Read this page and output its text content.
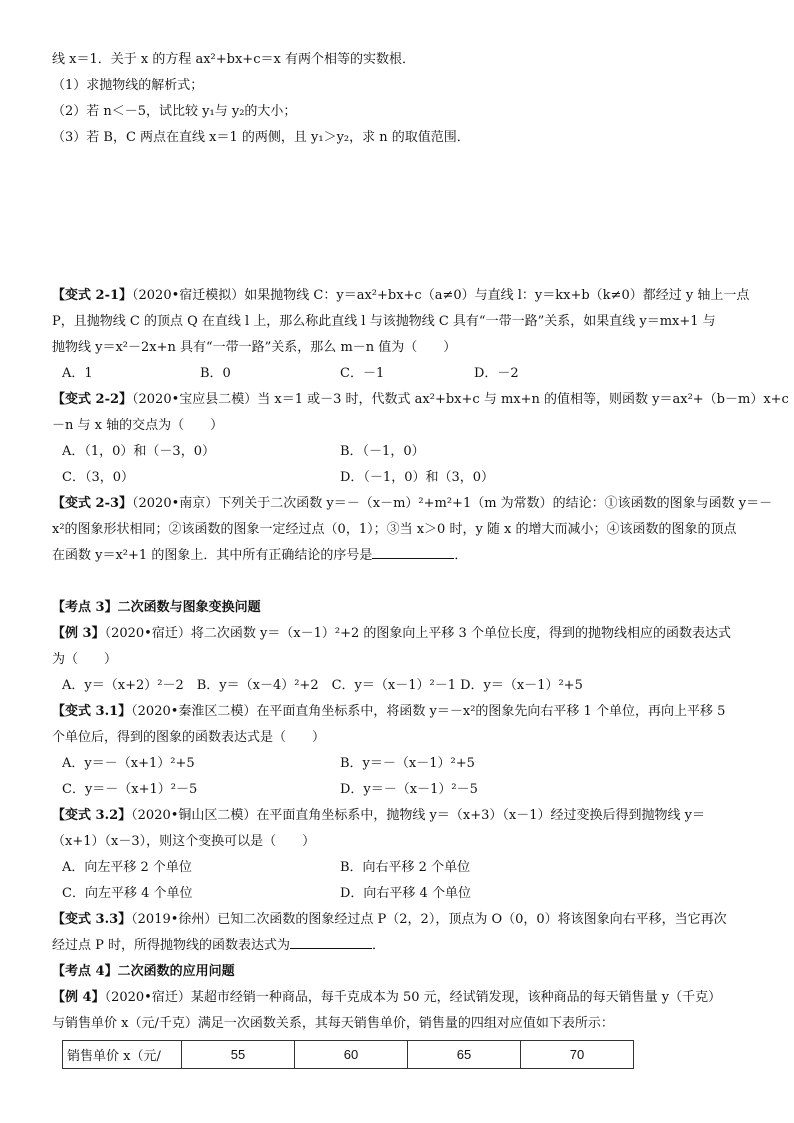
线 x＝1．关于 x 的方程 ax²+bx+c＝x 有两个相等的实数根．
（1）求抛物线的解析式；
（2）若 n＜－5，试比较 y₁与 y₂的大小；
（3）若 B，C 两点在直线 x＝1 的两侧，且 y₁＞y₂，求 n 的取值范围．
【变式 2-1】（2020•宿迁模拟）如果抛物线 C：y＝ax²+bx+c（a≠0）与直线 l：y＝kx+b（k≠0）都经过 y 轴上一点
P，且抛物线 C 的顶点 Q 在直线 l 上，那么称此直线 l 与该抛物线 C 具有“一带一路”关系，如果直线 y＝mx+1 与
抛物线 y＝x²－2x+n 具有“一带一路”关系，那么 m－n 值为（　　）
A．1	B．0	C．－1	D．－2
【变式 2-2】（2020•宝应县二模）当 x＝1 或－3 时，代数式 ax²+bx+c 与 mx+n 的值相等，则函数 y＝ax²+（b－m）x+c
－n 与 x 轴的交点为（　　）
A．（1，0）和（－3，0）	B．（－1，0）
C．（3，0）	D．（－1，0）和（3，0）
【变式 2-3】（2020•南京）下列关于二次函数 y＝－（x－m）²+m²+1（m 为常数）的结论：①该函数的图象与函数 y＝－
x²的图象形状相同；②该函数的图象一定经过点（0，1）；③当 x＞0 时，y 随 x 的增大而减小；④该函数的图象的顶点
在函数 y＝x²+1 的图象上．其中所有正确结论的序号是	．
【考点 3】二次函数与图象变换问题
【例 3】（2020•宿迁）将二次函数 y＝（x－1）²+2 的图象向上平移 3 个单位长度，得到的抛物线相应的函数表达式
为（　　）
A．y＝（x+2）²－2　B．y＝（x－4）²+2　C．y＝（x－1）²－1 D．y＝（x－1）²+5
【变式 3.1】（2020•秦淮区二模）在平面直角坐标系中，将函数 y＝－x²的图象先向右平移 1 个单位，再向上平移 5
个单位后，得到的图象的函数表达式是（　　）
A．y＝－（x+1）²+5	B．y＝－（x－1）²+5
C．y＝－（x+1）²－5	D．y＝－（x－1）²－5
【变式 3.2】（2020•铜山区二模）在平面直角坐标系中，抛物线 y＝（x+3）（x－1）经过变换后得到抛物线 y＝
（x+1）（x－3），则这个变换可以是（　　）
A．向左平移 2 个单位	B．向右平移 2 个单位
C．向左平移 4 个单位	D．向右平移 4 个单位
【变式 3.3】（2019•徐州）已知二次函数的图象经过点 P（2，2），顶点为 O（0，0）将该图象向右平移，当它再次
经过点 P 时，所得抛物线的函数表达式为	．
【考点 4】二次函数的应用问题
【例 4】（2020•宿迁）某超市经销一种商品，每千克成本为 50 元，经试销发现，该种商品的每天销售量 y（千克）
与销售单价 x（元/千克）满足一次函数关系，其每天销售单价，销售量的四组对应值如下表所示：
销售单价 x（元/	55	60	65	70
